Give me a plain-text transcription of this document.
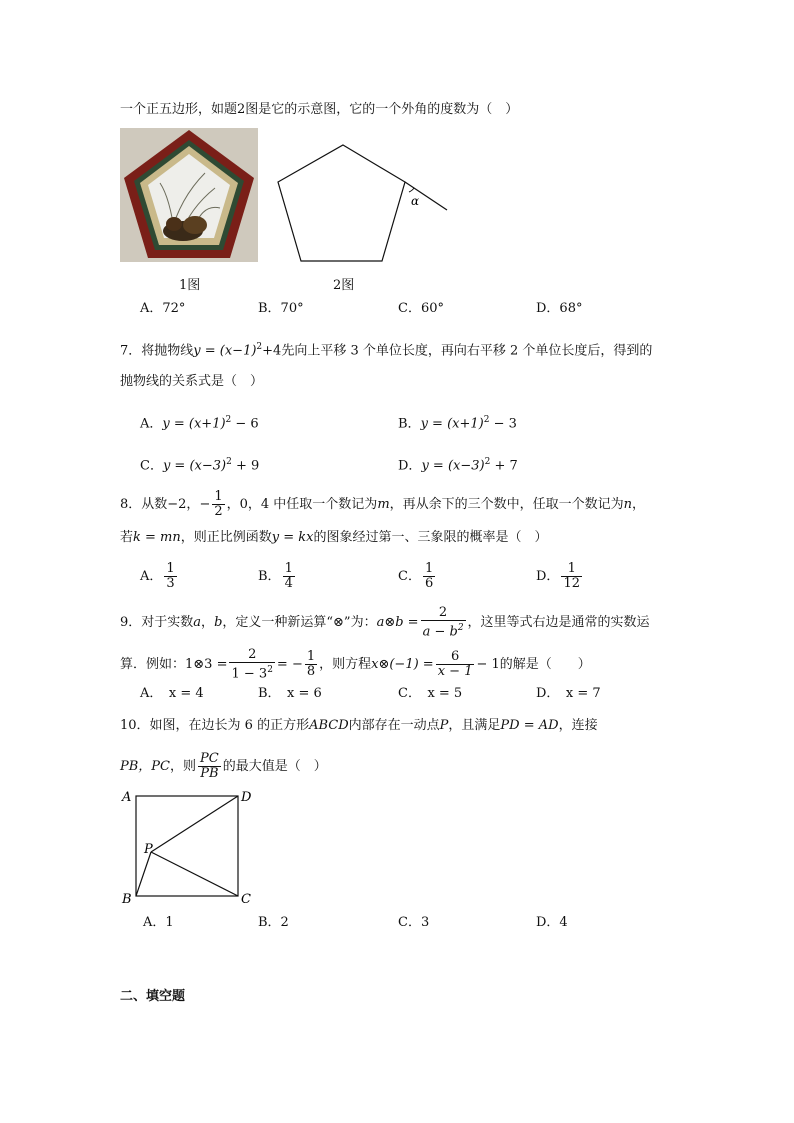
一个正五边形，如题2图是它的示意图，它的一个外角的度数为（　）
α
1图	2图
A．72°	B．70°	C．60°	D．68°
7．将抛物线$y = (x-1)^2+4$先向上平移 3 个单位长度，再向右平移 2 个单位长度后，得到的
抛物线的关系式是（　）
A．$y = (x+1)^2 - 6$	B．$y = (x+1)^2 - 3$
C．$y = (x-3)^2 + 9$	D．$y = (x-3)^2 + 7$
8．从数−2，− $\frac{1}{2}$ ，0，4 中任取一个数记为m，再从余下的三个数中，任取一个数记为n，
若k = mn，则正比例函数y = kx的图象经过第一、三象限的概率是（　）
A． $\frac{1}{3}$	B． $\frac{1}{4}$	C． $\frac{1}{6}$	D． $\frac{1}{12}$
9．对于实数a，b，定义一种新运算“⊗”为：a⊗b = $\frac{2}{a - b^2}$ ，这里等式右边是通常的实数运
算．例如：1⊗3 = $\frac{2}{1 - 3^2}$ = − $\frac{1}{8}$ ，则方程x⊗(−1) = $\frac{6}{x - 1} - 1$的解是（　　）
A．　x = 4	B．　x = 6	C．　x = 5	D．　x = 7
10．如图，在边长为 6 的正方形ABCD内部存在一动点P，且满足PD = AD，连接
PB，PC，则 $\frac{PC}{PB}$ 的最大值是（　）
A	D
P
B	C
A．1	B．2	C．3	D．4
二、填空题
